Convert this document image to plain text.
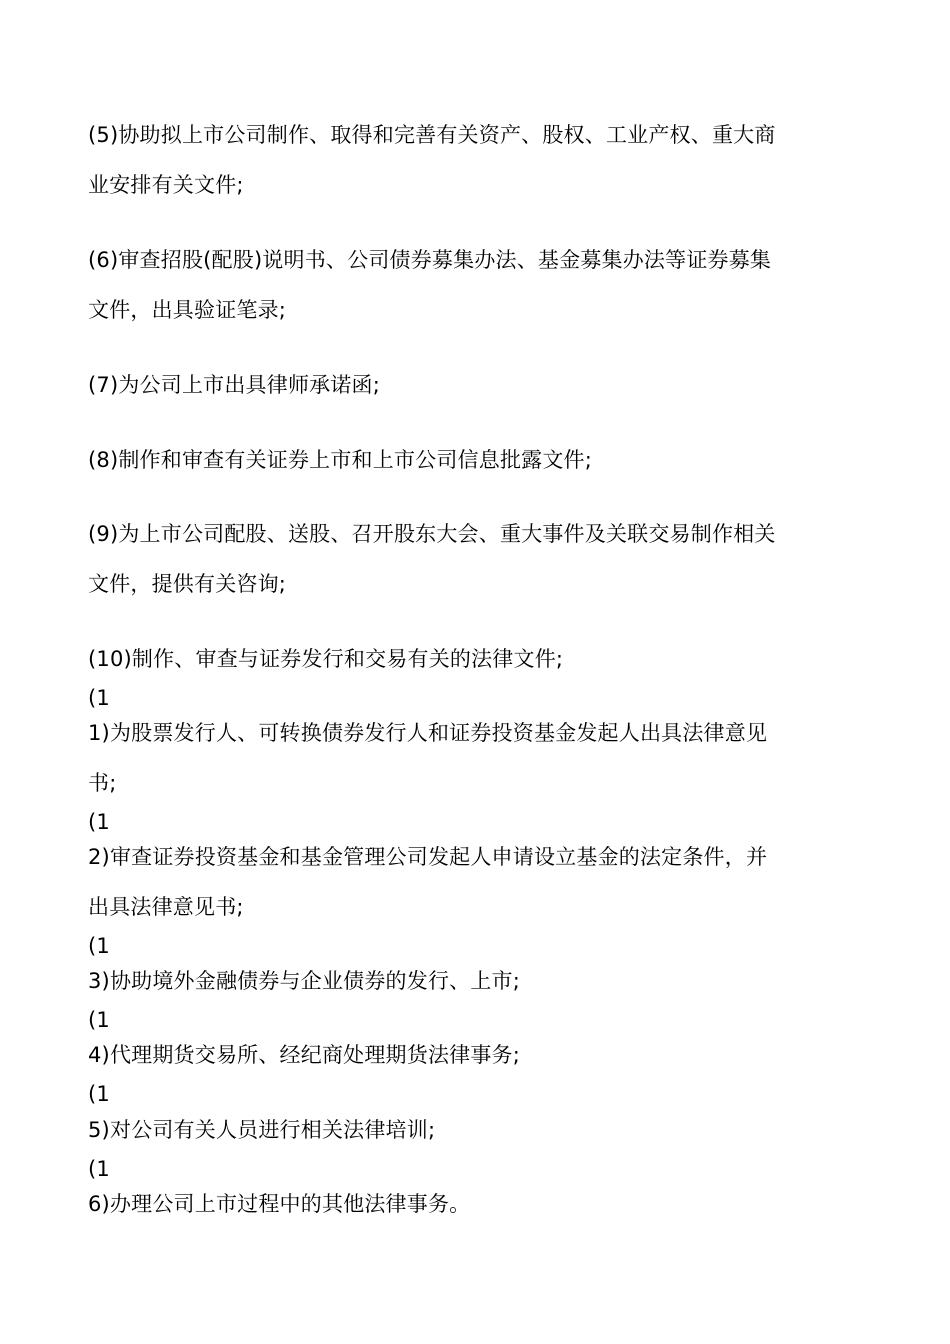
(5)协助拟上市公司制作、取得和完善有关资产、股权、工业产权、重大商
业安排有关文件;
(6)审查招股(配股)说明书、公司债券募集办法、基金募集办法等证券募集
文件，出具验证笔录;
(7)为公司上市出具律师承诺函;
(8)制作和审查有关证券上市和上市公司信息批露文件;
(9)为上市公司配股、送股、召开股东大会、重大事件及关联交易制作相关
文件，提供有关咨询;
(10)制作、审查与证券发行和交易有关的法律文件;
(1
1)为股票发行人、可转换债券发行人和证券投资基金发起人出具法律意见
书;
(1
2)审查证券投资基金和基金管理公司发起人申请设立基金的法定条件，并
出具法律意见书;
(1
3)协助境外金融债券与企业债券的发行、上市;
(1
4)代理期货交易所、经纪商处理期货法律事务;
(1
5)对公司有关人员进行相关法律培训;
(1
6)办理公司上市过程中的其他法律事务。
